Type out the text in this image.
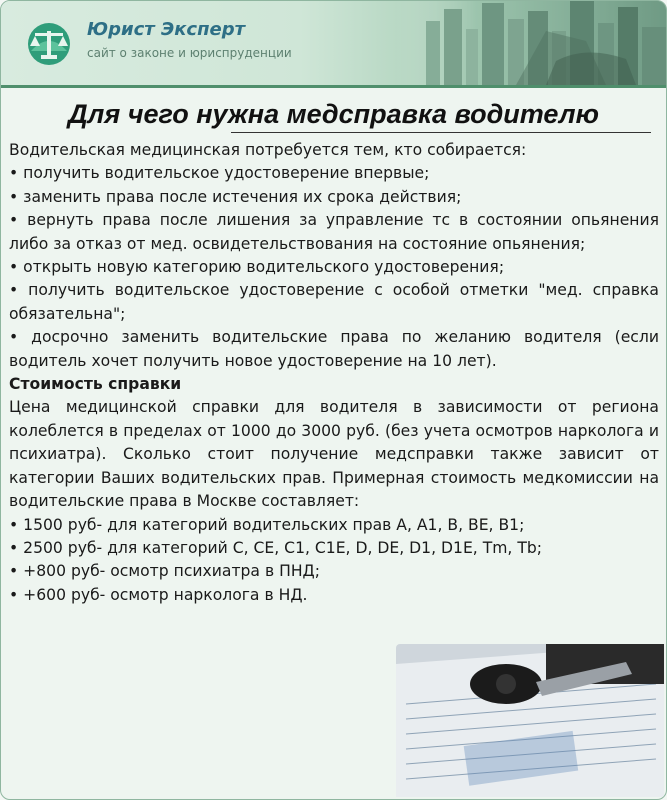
Юрист Эксперт
сайт о законе и юриспруденции
Для чего нужна медсправка водителю

Водительская медицинская потребуется тем, кто собирается:

• получить водительское удостоверение впервые;

• заменить права после истечения их срока действия;

• вернуть права после лишения за управление тс в состоянии опьянения либо за отказ от мед. освидетельствования на состояние опьянения;

• открыть новую категорию водительского удостоверения;

• получить водительское удостоверение с особой отметки "мед. справка обязательна";

• досрочно заменить водительские права по желанию водителя (если водитель хочет получить новое удостоверение на 10 лет).

Стоимость справки

Цена медицинской справки для водителя в зависимости от региона колеблется в пределах от 1000 до 3000 руб. (без учета осмотров нарколога и психиатра). Сколько стоит получение медсправки также зависит от категории Ваших водительских прав. Примерная стоимость медкомиссии на водительские права в Москве составляет:

• 1500 руб- для категорий водительских прав A, A1, B, BE, B1;

• 2500 руб- для категорий C, CE, C1, C1E, D, DE, D1, D1E, Tm, Tb;

• +800 руб- осмотр психиатра в ПНД;

• +600 руб- осмотр нарколога в НД.
